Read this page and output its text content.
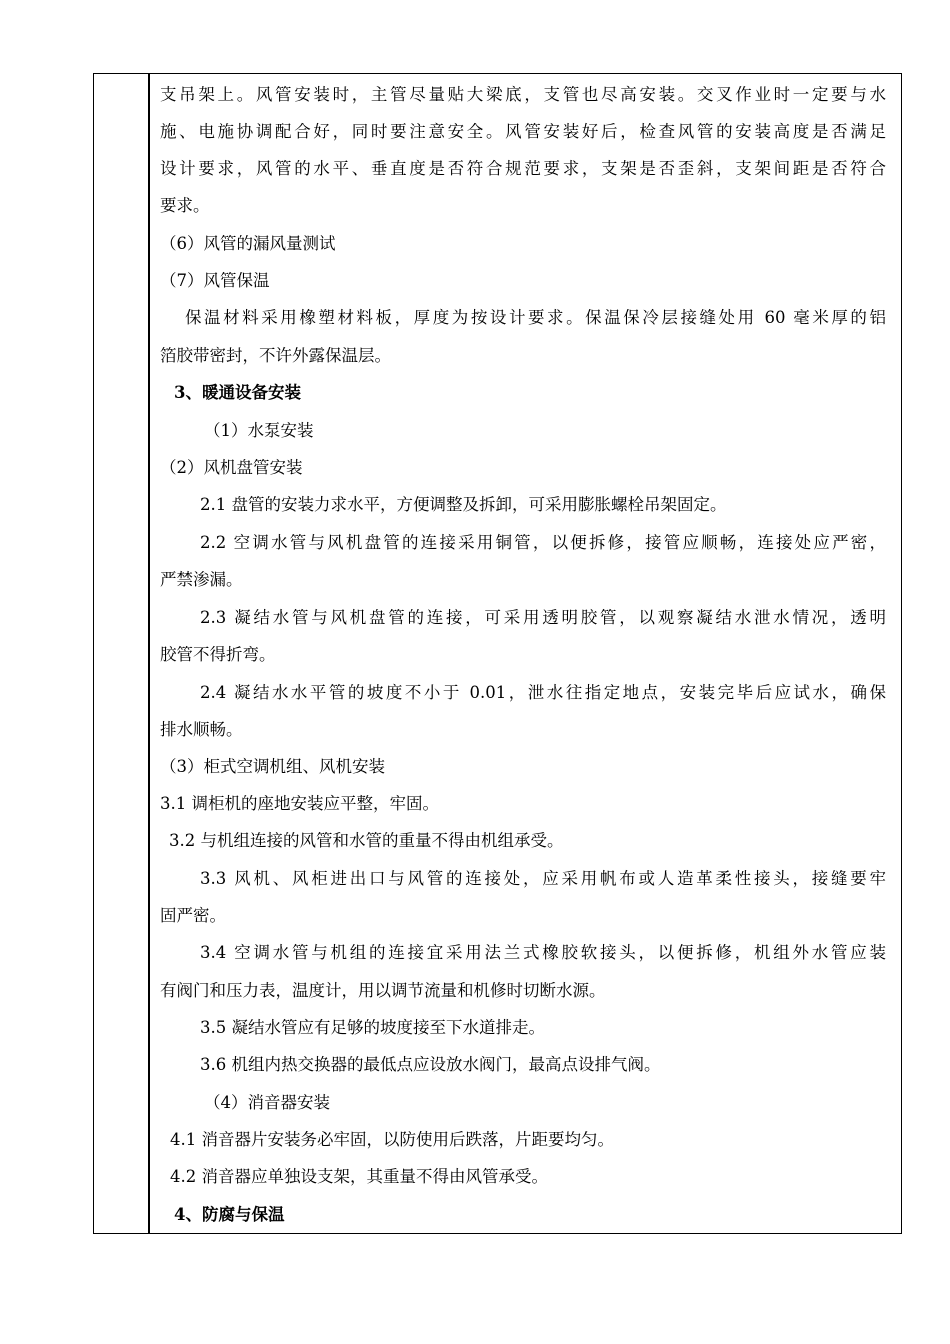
支吊架上。风管安装时，主管尽量贴大梁底，支管也尽高安装。交叉作业时一定要与水
施、电施协调配合好，同时要注意安全。风管安装好后，检查风管的安装高度是否满足
设计要求，风管的水平、垂直度是否符合规范要求，支架是否歪斜，支架间距是否符合
要求。
（6）风管的漏风量测试
（7）风管保温
保温材料采用橡塑材料板，厚度为按设计要求。保温保冷层接缝处用 60 毫米厚的铝
箔胶带密封，不许外露保温层。
3、暖通设备安装
（1）水泵安装
（2）风机盘管安装
2.1 盘管的安装力求水平，方便调整及拆卸，可采用膨胀螺栓吊架固定。
2.2 空调水管与风机盘管的连接采用铜管，以便拆修，接管应顺畅，连接处应严密，
严禁渗漏。
2.3 凝结水管与风机盘管的连接，可采用透明胶管，以观察凝结水泄水情况，透明
胶管不得折弯。
2.4 凝结水水平管的坡度不小于 0.01，泄水往指定地点，安装完毕后应试水，确保
排水顺畅。
（3）柜式空调机组、风机安装
3.1 调柜机的座地安装应平整，牢固。
3.2 与机组连接的风管和水管的重量不得由机组承受。
3.3 风机、风柜进出口与风管的连接处，应采用帆布或人造革柔性接头，接缝要牢
固严密。
3.4 空调水管与机组的连接宜采用法兰式橡胶软接头，以便拆修，机组外水管应装
有阀门和压力表，温度计，用以调节流量和机修时切断水源。
3.5 凝结水管应有足够的坡度接至下水道排走。
3.6 机组内热交换器的最低点应设放水阀门，最高点设排气阀。
（4）消音器安装
4.1 消音器片安装务必牢固，以防使用后跌落，片距要均匀。
4.2 消音器应单独设支架，其重量不得由风管承受。
4、防腐与保温
